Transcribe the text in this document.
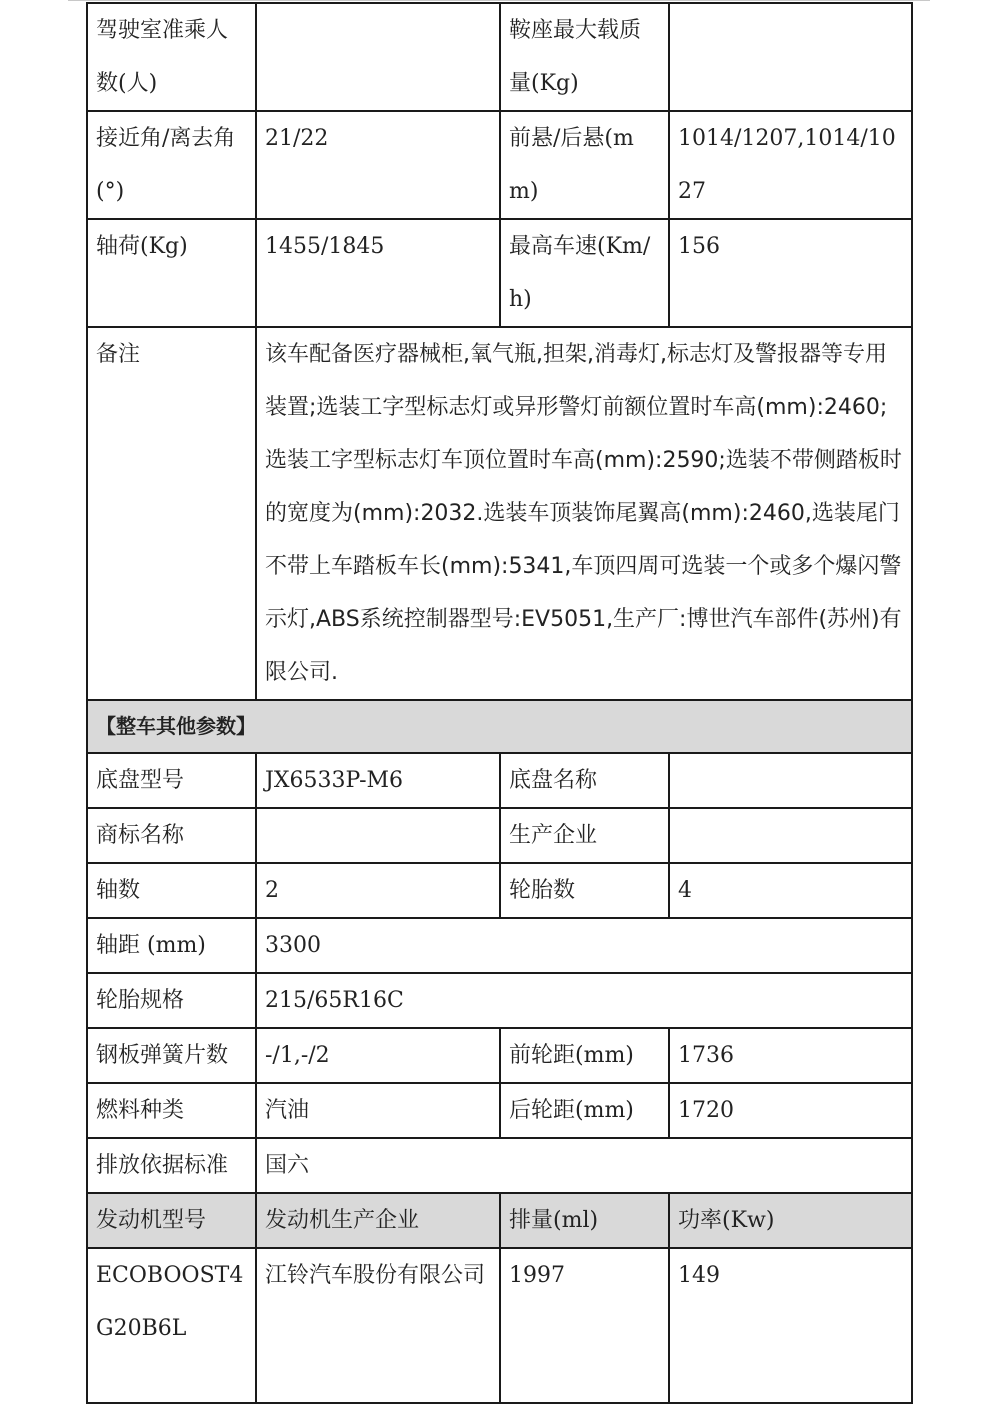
驾驶室准乘人数(人)		鞍座最大载质量(Kg)	
接近角/离去角(°)	21/22	前悬/后悬(mm)	1014/1207,1014/1027
轴荷(Kg)	1455/1845	最高车速(Km/h)	156
备注	该车配备医疗器械柜,氧气瓶,担架,消毒灯,标志灯及警报器等专用装置;选装工字型标志灯或异形警灯前额位置时车高(mm):2460;选装工字型标志灯车顶位置时车高(mm):2590;选装不带侧踏板时的宽度为(mm):2032.选装车顶装饰尾翼高(mm):2460,选装尾门不带上车踏板车长(mm):5341,车顶四周可选装一个或多个爆闪警示灯,ABS系统控制器型号:EV5051,生产厂:博世汽车部件(苏州)有限公司.		
【整车其他参数】			
底盘型号	JX6533P-M6	底盘名称	
商标名称		生产企业	
轴数	2	轮胎数	4
轴距 (mm)	3300		
轮胎规格	215/65R16C		
钢板弹簧片数	-/1,-/2	前轮距(mm)	1736
燃料种类	汽油	后轮距(mm)	1720
排放依据标准	国六		
发动机型号	发动机生产企业	排量(ml)	功率(Kw)
ECOBOOST4G20B6L	江铃汽车股份有限公司	1997	149
